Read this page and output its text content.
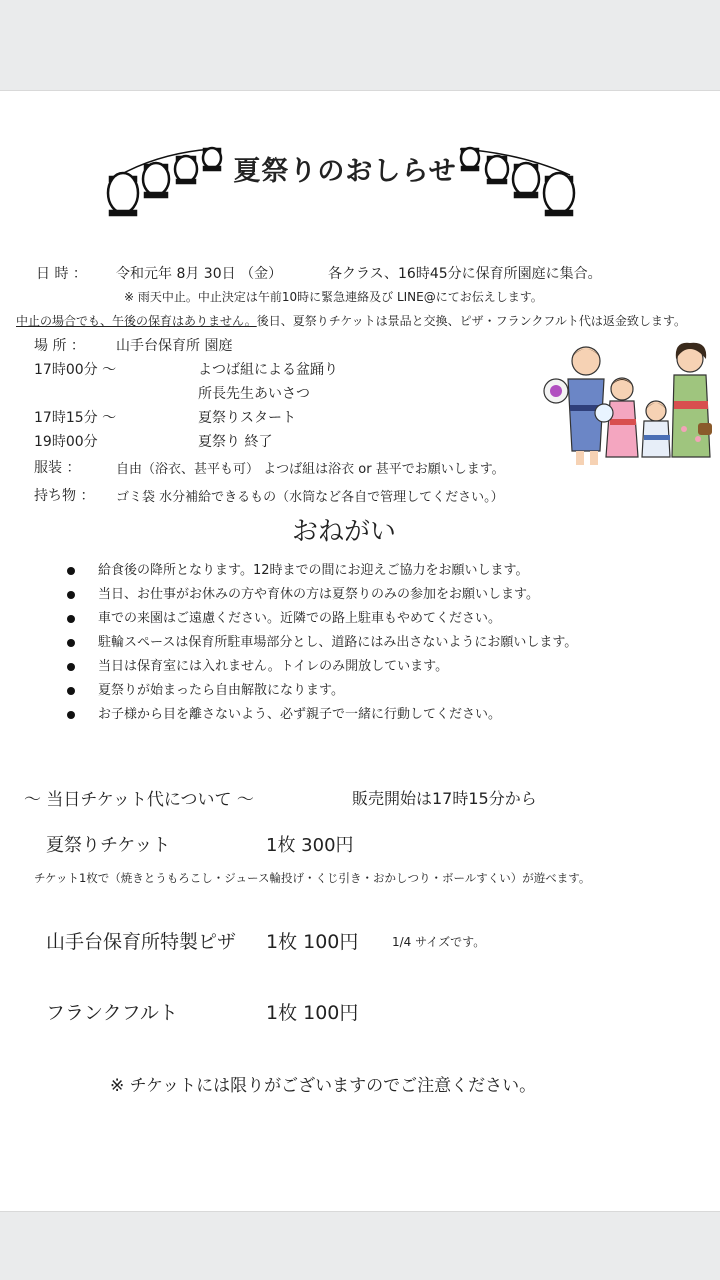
夏祭りのおしらせ
日 時 ： 令和元年 8月 30日 （金）	各クラス、16時45分に保育所園庭に集合。
※ 雨天中止。中止決定は午前10時に緊急連絡及び LINE@にてお伝えします。
中止の場合でも、午後の保育はありません。後日、夏祭りチケットは景品と交換、ピザ・フランクフルト代は返金致します。
場 所 ： 山手台保育所 園庭
17時00分 ～	よつば組による盆踊り
所長先生あいさつ
17時15分 ～	夏祭りスタート
19時00分	夏祭り 終了
服装 ：	自由（浴衣、甚平も可） よつば組は浴衣 or 甚平でお願いします。
持ち物 ： ゴミ袋 水分補給できるもの（水筒など各自で管理してください。）
おねがい
給食後の降所となります。12時までの間にお迎えご協力をお願いします。
当日、お仕事がお休みの方や育休の方は夏祭りのみの参加をお願いします。
車での来園はご遠慮ください。近隣での路上駐車もやめてください。
駐輪スペースは保育所駐車場部分とし、道路にはみ出さないようにお願いします。
当日は保育室には入れません。トイレのみ開放しています。
夏祭りが始まったら自由解散になります。
お子様から目を離さないよう、必ず親子で一緒に行動してください。
～ 当日チケット代について ～	販売開始は17時15分から
夏祭りチケット	1枚 300円
チケット1枚で（焼きとうもろこし・ジュース輪投げ・くじ引き・おかしつり・ボールすくい）が遊べます。
山手台保育所特製ピザ 1枚 100円	1/4 サイズです。
フランクフルト	1枚 100円
※ チケットには限りがございますのでご注意ください。
